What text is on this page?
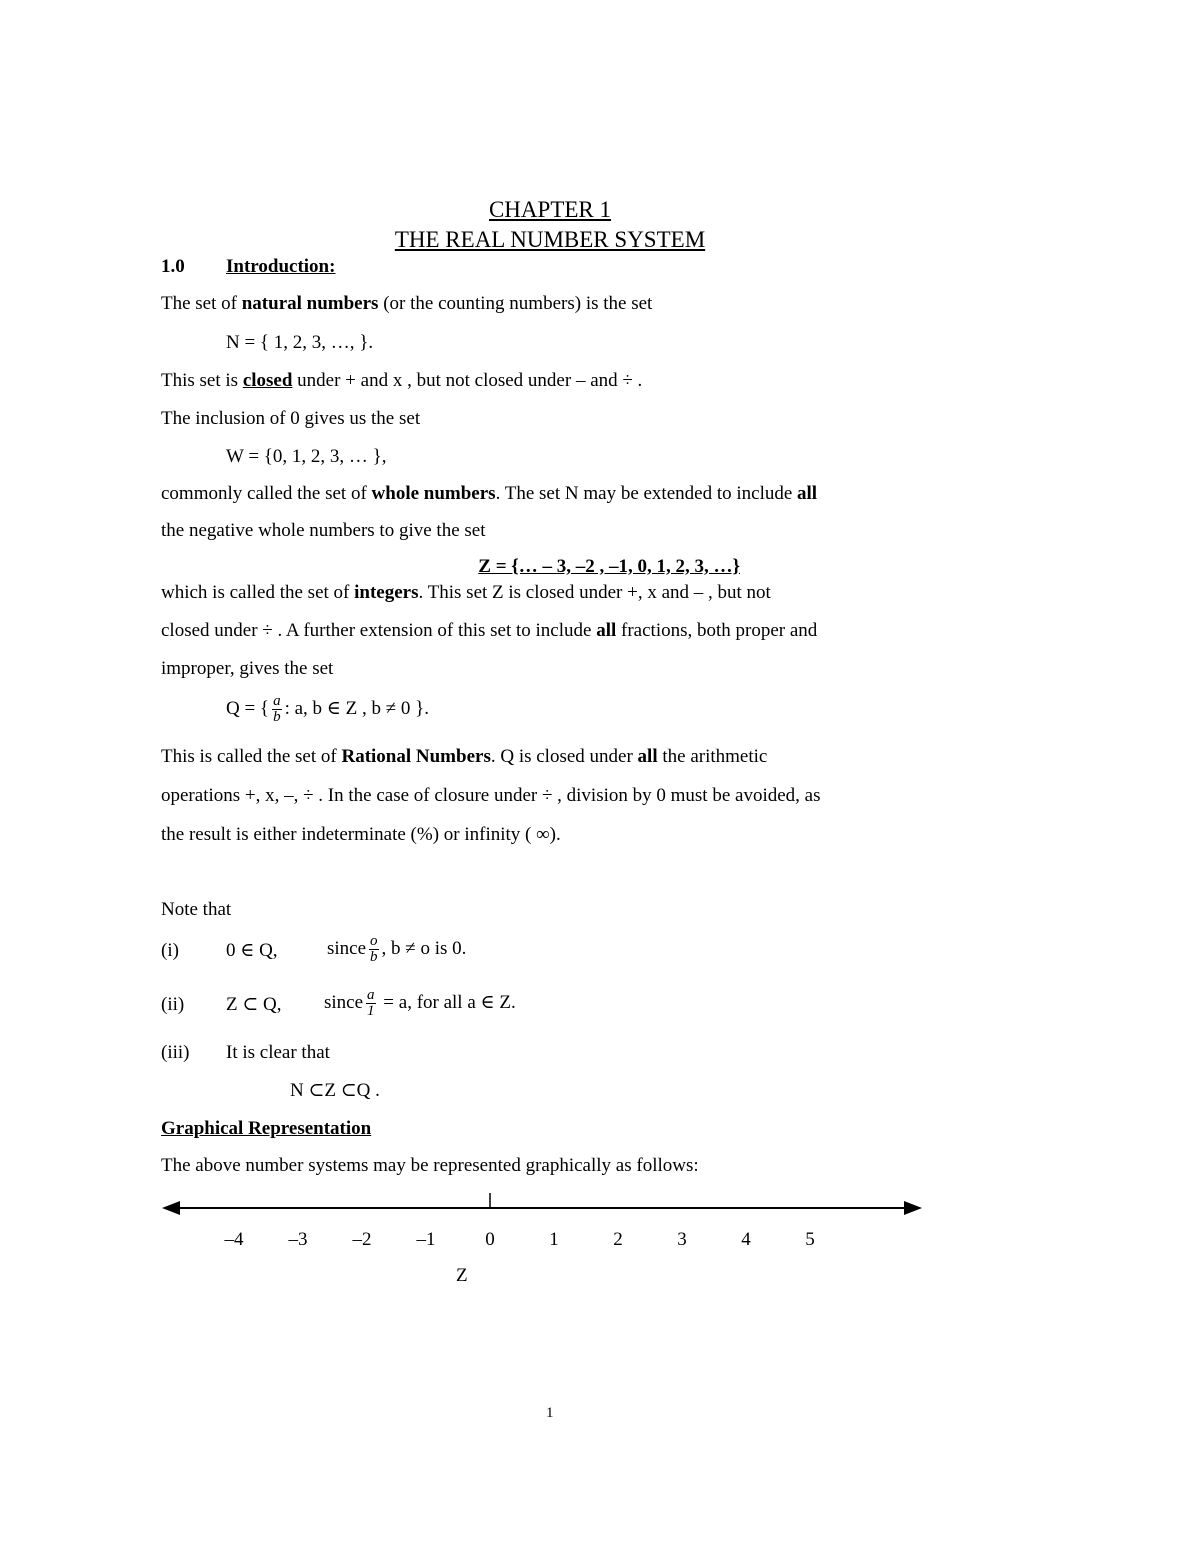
CHAPTER 1
THE REAL NUMBER SYSTEM
1.0 Introduction:
The set of natural numbers (or the counting numbers) is the set
N = { 1, 2, 3, …, }.
This set is closed under + and x , but not closed under – and ÷ .
The inclusion of 0 gives us the set
W = {0, 1, 2, 3, … },
commonly called the set of whole numbers. The set N may be extended to include all
the negative whole numbers to give the set
Z = {… – 3, –2 , –1, 0, 1, 2, 3, …}
which is called the set of integers. This set Z is closed under +, x and – , but not
closed under ÷ . A further extension of this set to include all fractions, both proper and
improper, gives the set
Q = { $\frac{a}{b}$ : a, b ∈ Z , b ≠ 0 }.
This is called the set of Rational Numbers. Q is closed under all the arithmetic
operations +, x, –, ÷ . In the case of closure under ÷ , division by 0 must be avoided, as
the result is either indeterminate (%) or infinity ( ∞).
Note that
(i) 0 ∈ Q,	since $\frac{o}{b}$ , b ≠ o is 0.
(ii) Z ⊂ Q, since $\frac{a}{1} = a$, for all a ∈ Z.
(iii) It is clear that
N ⊂Z ⊂Q .
Graphical Representation
The above number systems may be represented graphically as follows:
–4 –3 –2 –1	0	1	2	3	4	5
Z
1
